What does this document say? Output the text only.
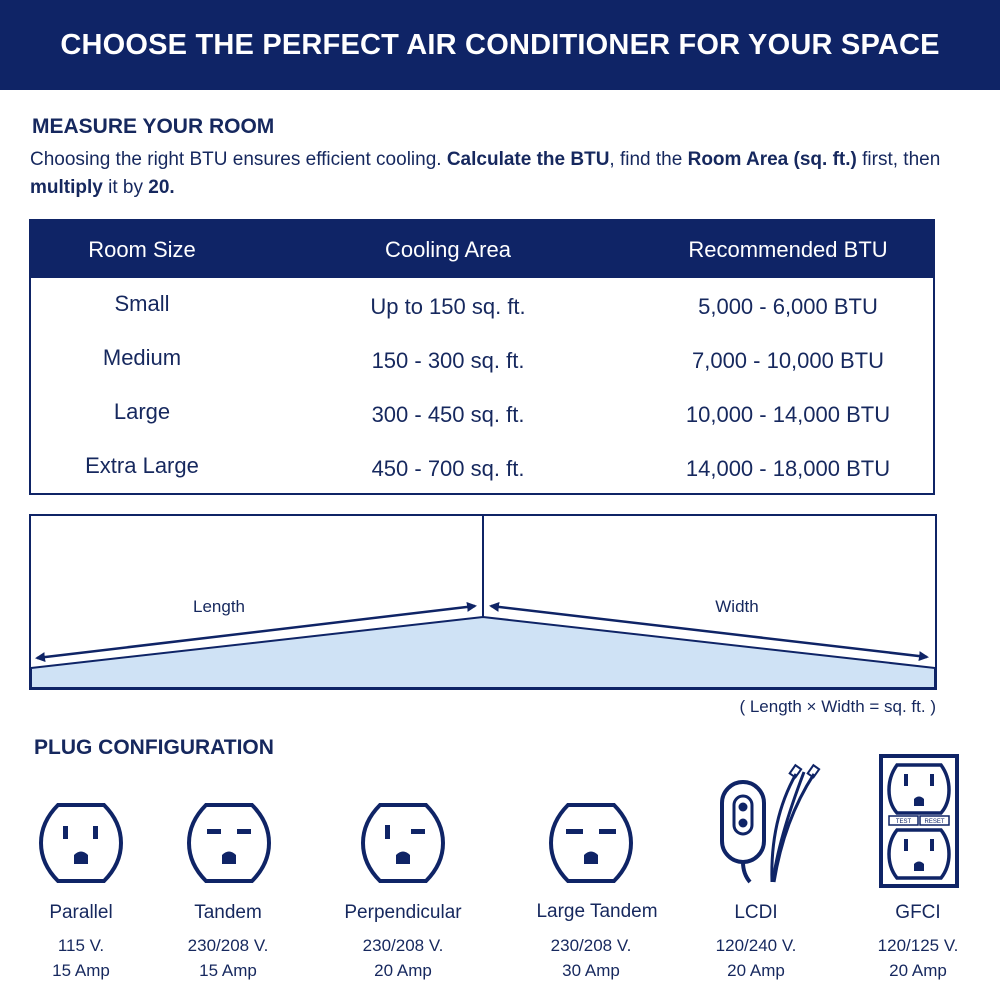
CHOOSE THE PERFECT AIR CONDITIONER FOR YOUR SPACE
MEASURE YOUR ROOM

Choosing the right BTU ensures efficient cooling. Calculate the BTU, find the Room Area (sq. ft.) first, then multiply it by 20.

Room Size	Cooling Area	Recommended BTU
Small	Up to 150 sq. ft.	5,000 - 6,000 BTU
Medium	150 - 300 sq. ft.	7,000 - 10,000 BTU
Large	300 - 450 sq. ft.	10,000 - 14,000 BTU
Extra Large	450 - 700 sq. ft.	14,000 - 18,000 BTU
Length	Width
( Length × Width = sq. ft. )
PLUG CONFIGURATION
TEST RESET
Parallel
115 V.
15 Amp
Tandem
230/208 V.
15 Amp
Perpendicular
230/208 V.
20 Amp
Large Tandem
230/208 V.
30 Amp
LCDI
120/240 V.
20 Amp
GFCI
120/125 V.
20 Amp
